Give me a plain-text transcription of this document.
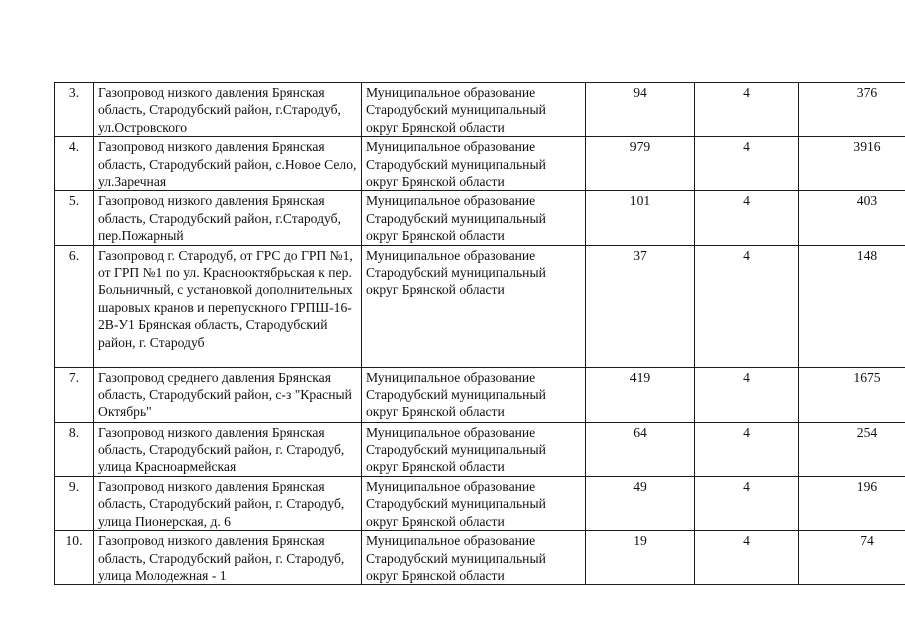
3.	Газопровод низкого давления Брянская область, Стародубский район, г.Стародуб, ул.Островского	Муниципальное образование Стародубский муниципальный округ Брянской области	94	4	376
4.	Газопровод низкого давления Брянская область, Стародубский район, с.Новое Село, ул.Заречная	Муниципальное образование Стародубский муниципальный округ Брянской области	979	4	3916
5.	Газопровод низкого давления Брянская область, Стародубский район, г.Стародуб, пер.Пожарный	Муниципальное образование Стародубский муниципальный округ Брянской области	101	4	403
6.	Газопровод г. Стародуб, от ГРС до ГРП №1, от ГРП №1 по ул. Краснооктябрьская к пер. Больничный, с установкой дополнительных шаровых кранов и перепускного ГРПШ-16-2В-У1 Брянская область, Стародубский район, г. Стародуб	Муниципальное образование Стародубский муниципальный округ Брянской области	37	4	148
7.	Газопровод среднего давления Брянская область, Стародубский район, с-з "Красный Октябрь"	Муниципальное образование Стародубский муниципальный округ Брянской области	419	4	1675
8.	Газопровод низкого давления Брянская область, Стародубский район, г. Стародуб, улица Красноармейская	Муниципальное образование Стародубский муниципальный округ Брянской области	64	4	254
9.	Газопровод низкого давления Брянская область, Стародубский район, г. Стародуб, улица Пионерская, д. 6	Муниципальное образование Стародубский муниципальный округ Брянской области	49	4	196
10.	Газопровод низкого давления Брянская область, Стародубский район, г. Стародуб, улица Молодежная - 1	Муниципальное образование Стародубский муниципальный округ Брянской области	19	4	74
